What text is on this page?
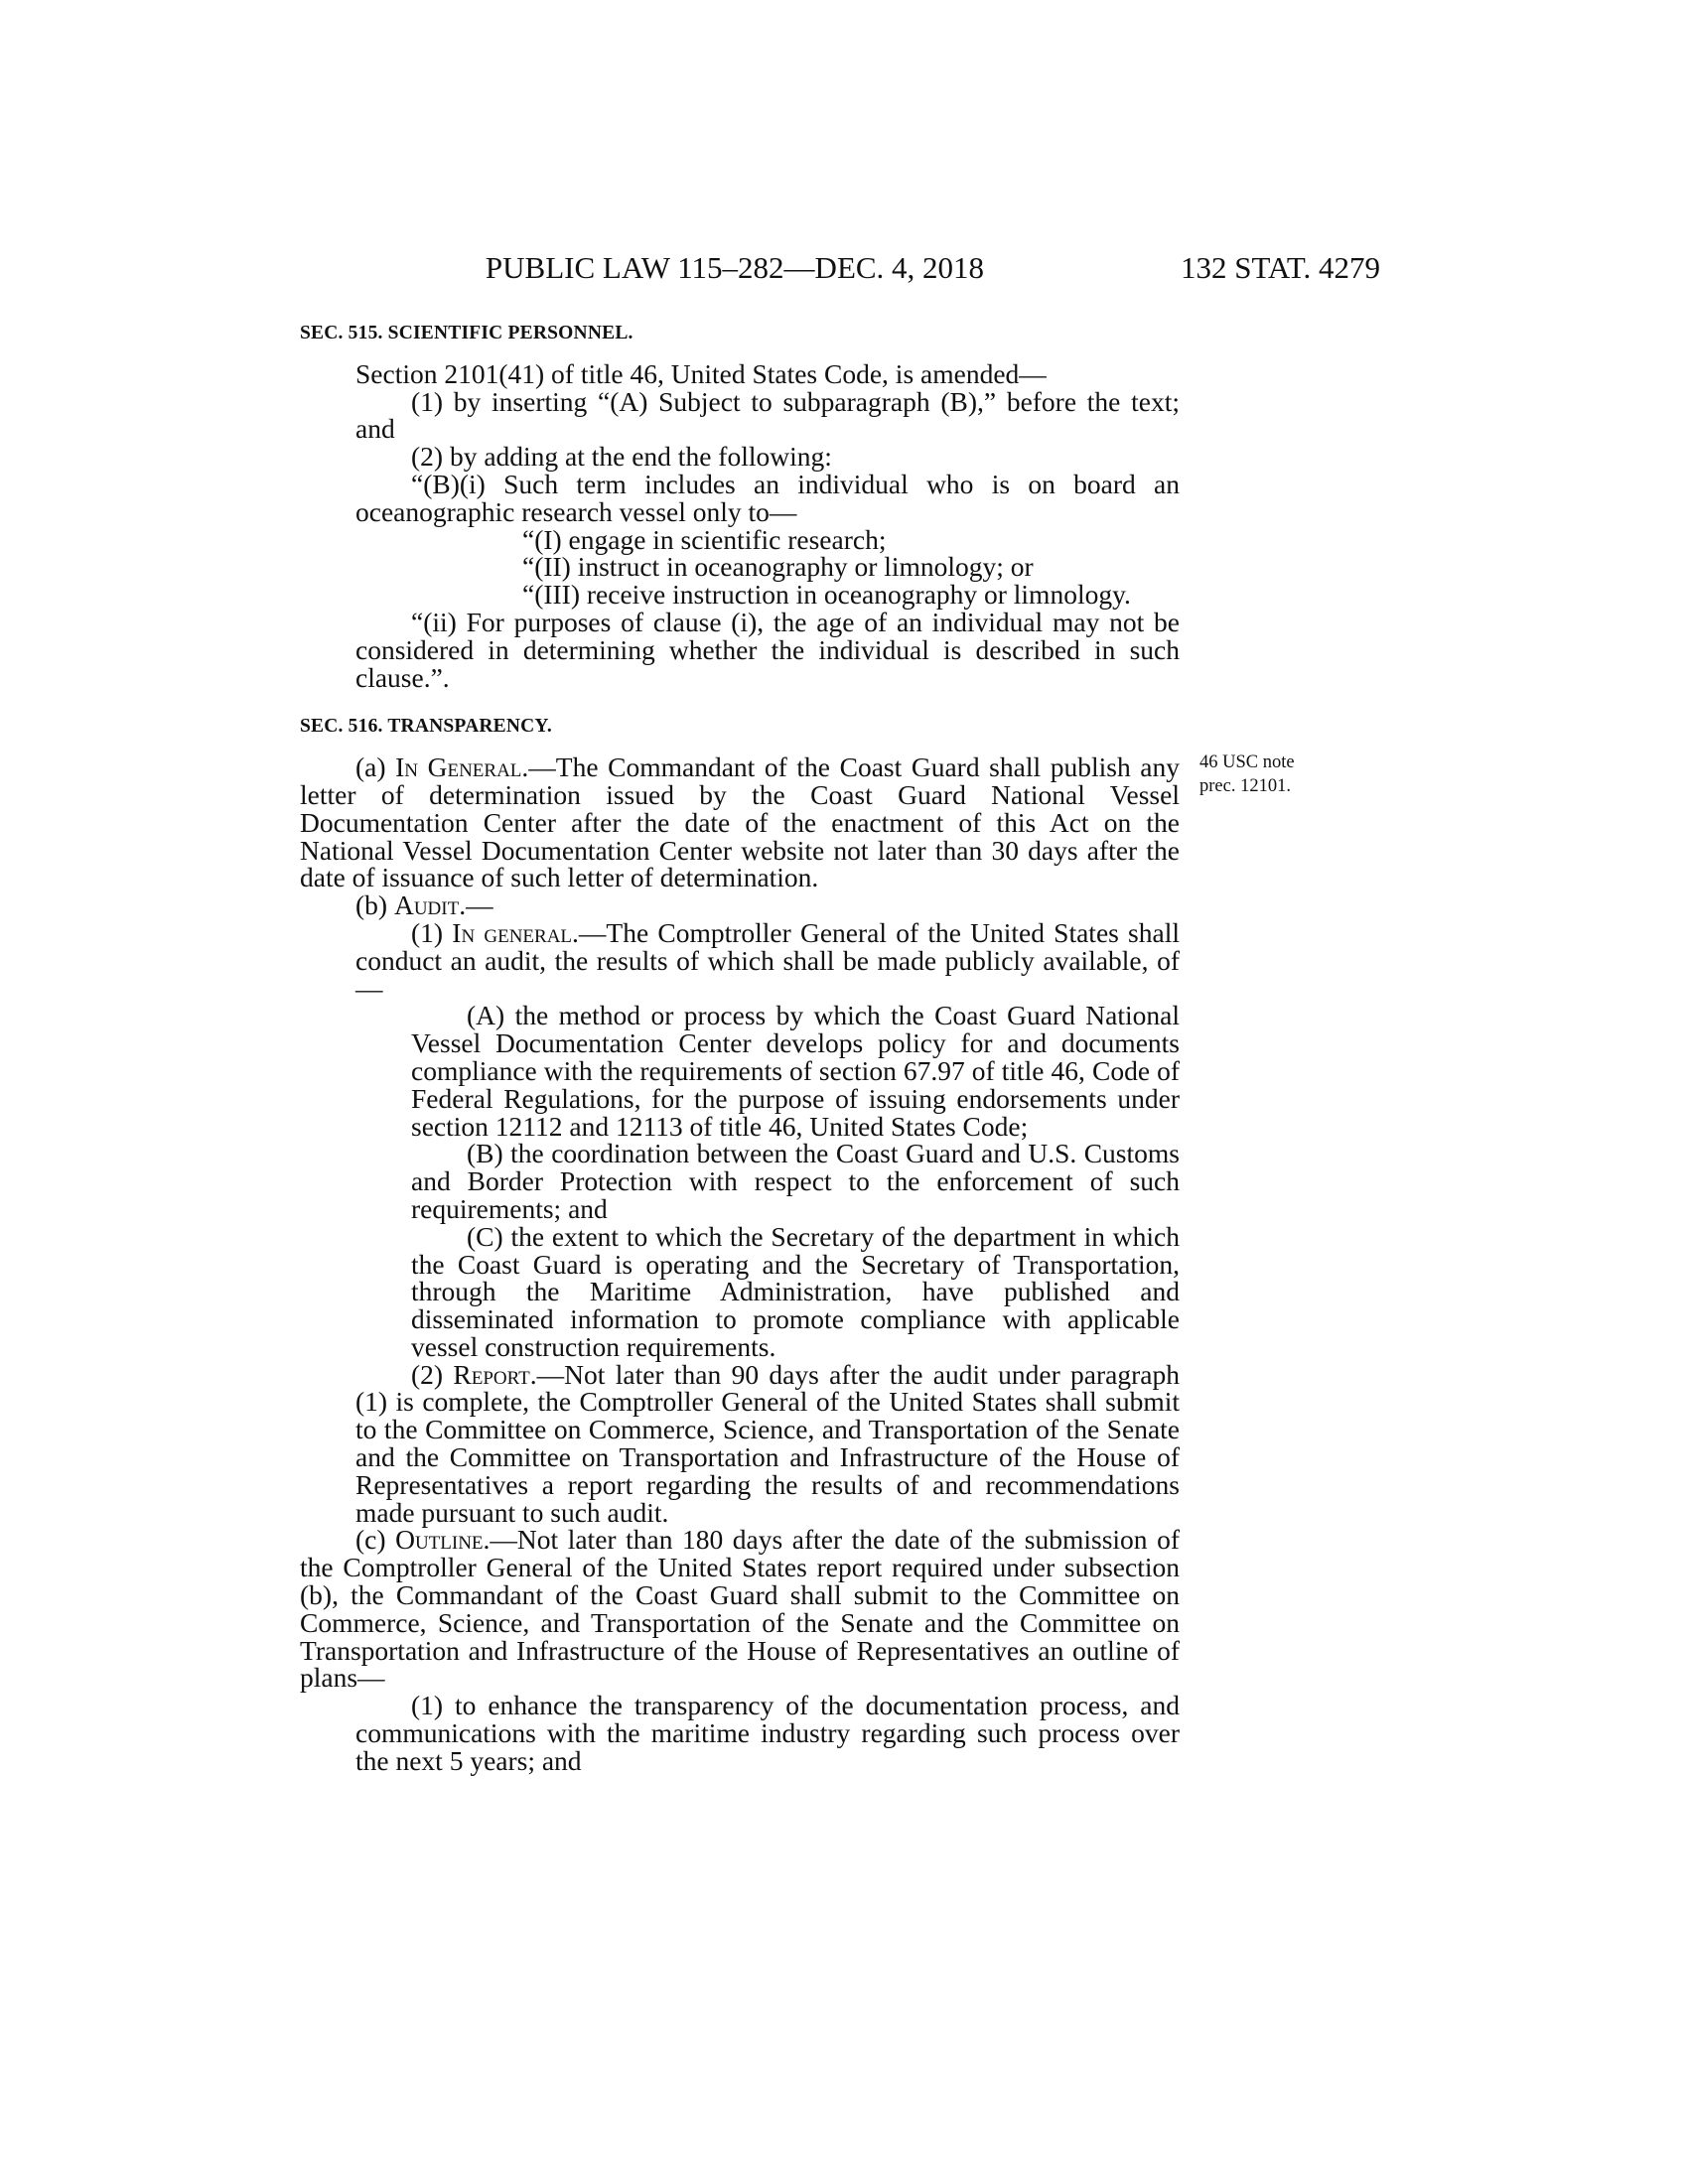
PUBLIC LAW 115–282—DEC. 4, 2018	132 STAT. 4279
SEC. 515. SCIENTIFIC PERSONNEL.

Section 2101(41) of title 46, United States Code, is amended—

(1) by inserting “(A) Subject to subparagraph (B),” before the text; and

(2) by adding at the end the following:

“(B)(i) Such term includes an individual who is on board an oceanographic research vessel only to—

“(I) engage in scientific research;

“(II) instruct in oceanography or limnology; or

“(III) receive instruction in oceanography or limnology.

“(ii) For purposes of clause (i), the age of an individual may not be considered in determining whether the individual is described in such clause.”.

SEC. 516. TRANSPARENCY.

(a) In General.—The Commandant of the Coast Guard shall publish any letter of determination issued by the Coast Guard National Vessel Documentation Center after the date of the enactment of this Act on the National Vessel Documentation Center website not later than 30 days after the date of issuance of such letter of determination.

(b) Audit.—

(1) In general.—The Comptroller General of the United States shall conduct an audit, the results of which shall be made publicly available, of—

(A) the method or process by which the Coast Guard National Vessel Documentation Center develops policy for and documents compliance with the requirements of section 67.97 of title 46, Code of Federal Regulations, for the purpose of issuing endorsements under section 12112 and 12113 of title 46, United States Code;

(B) the coordination between the Coast Guard and U.S. Customs and Border Protection with respect to the enforcement of such requirements; and

(C) the extent to which the Secretary of the department in which the Coast Guard is operating and the Secretary of Transportation, through the Maritime Administration, have published and disseminated information to promote compliance with applicable vessel construction requirements.

(2) Report.—Not later than 90 days after the audit under paragraph (1) is complete, the Comptroller General of the United States shall submit to the Committee on Commerce, Science, and Transportation of the Senate and the Committee on Transportation and Infrastructure of the House of Representatives a report regarding the results of and recommendations made pursuant to such audit.

(c) Outline.—Not later than 180 days after the date of the submission of the Comptroller General of the United States report required under subsection (b), the Commandant of the Coast Guard shall submit to the Committee on Commerce, Science, and Transportation of the Senate and the Committee on Transportation and Infrastructure of the House of Representatives an outline of plans—

(1) to enhance the transparency of the documentation process, and communications with the maritime industry regarding such process over the next 5 years; and

46 USC note
prec. 12101.
